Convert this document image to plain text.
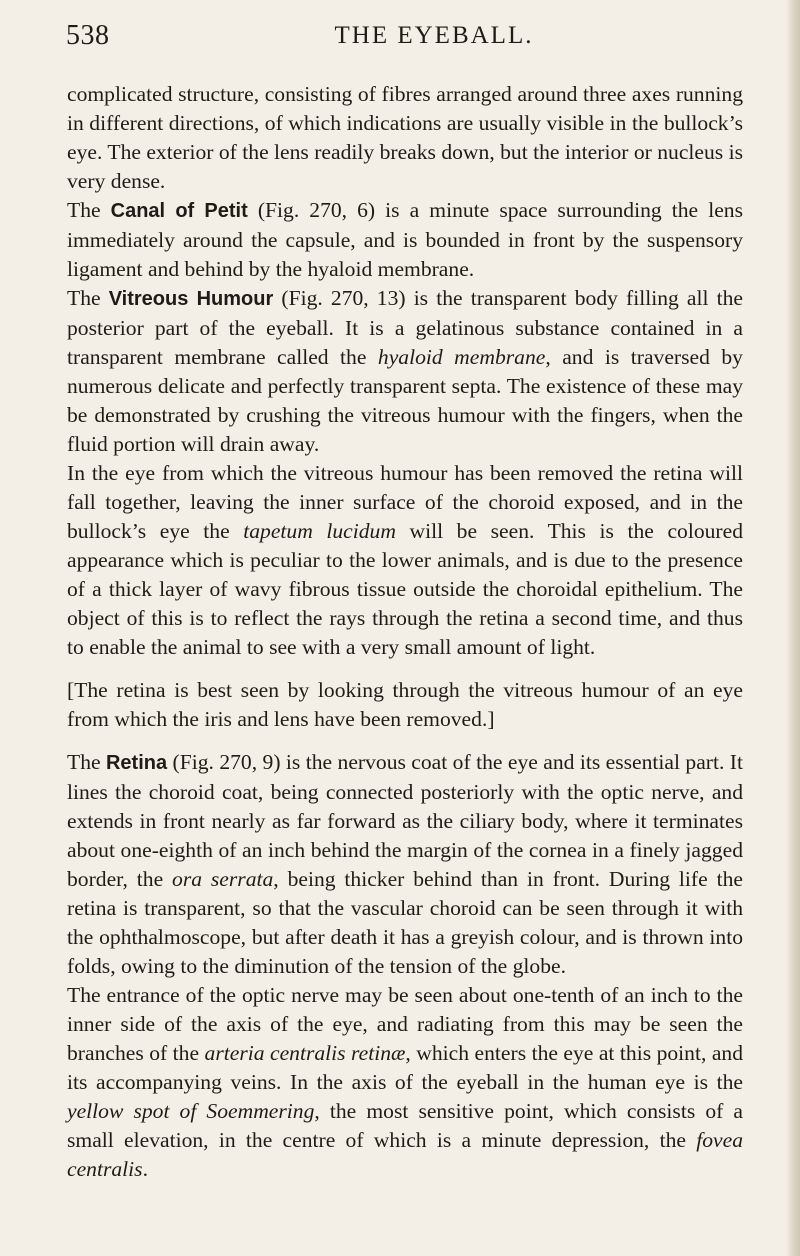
538	THE EYEBALL.

complicated structure, consisting of fibres arranged around three axes running in different directions, of which indications are usually visible in the bullock’s eye. The exterior of the lens readily breaks down, but the interior or nucleus is very dense.

The Canal of Petit (Fig. 270, 6) is a minute space surrounding the lens immediately around the capsule, and is bounded in front by the suspensory ligament and behind by the hyaloid membrane.

The Vitreous Humour (Fig. 270, 13) is the transparent body filling all the posterior part of the eyeball. It is a gelatinous substance contained in a transparent membrane called the hyaloid membrane, and is traversed by numerous delicate and perfectly transparent septa. The existence of these may be demonstrated by crushing the vitreous humour with the fingers, when the fluid portion will drain away.

In the eye from which the vitreous humour has been removed the retina will fall together, leaving the inner surface of the choroid exposed, and in the bullock’s eye the tapetum lucidum will be seen. This is the coloured appearance which is peculiar to the lower animals, and is due to the presence of a thick layer of wavy fibrous tissue outside the choroidal epithelium. The object of this is to reflect the rays through the retina a second time, and thus to enable the animal to see with a very small amount of light.

[The retina is best seen by looking through the vitreous humour of an eye from which the iris and lens have been removed.]

The Retina (Fig. 270, 9) is the nervous coat of the eye and its essential part. It lines the choroid coat, being connected posteriorly with the optic nerve, and extends in front nearly as far forward as the ciliary body, where it terminates about one-eighth of an inch behind the margin of the cornea in a finely jagged border, the ora serrata, being thicker behind than in front. During life the retina is transparent, so that the vascular choroid can be seen through it with the ophthalmoscope, but after death it has a greyish colour, and is thrown into folds, owing to the diminution of the tension of the globe.

The entrance of the optic nerve may be seen about one-tenth of an inch to the inner side of the axis of the eye, and radiating from this may be seen the branches of the arteria centralis retinæ, which enters the eye at this point, and its accompanying veins. In the axis of the eyeball in the human eye is the yellow spot of Soemmering, the most sensitive point, which consists of a small elevation, in the centre of which is a minute depression, the fovea centralis.
